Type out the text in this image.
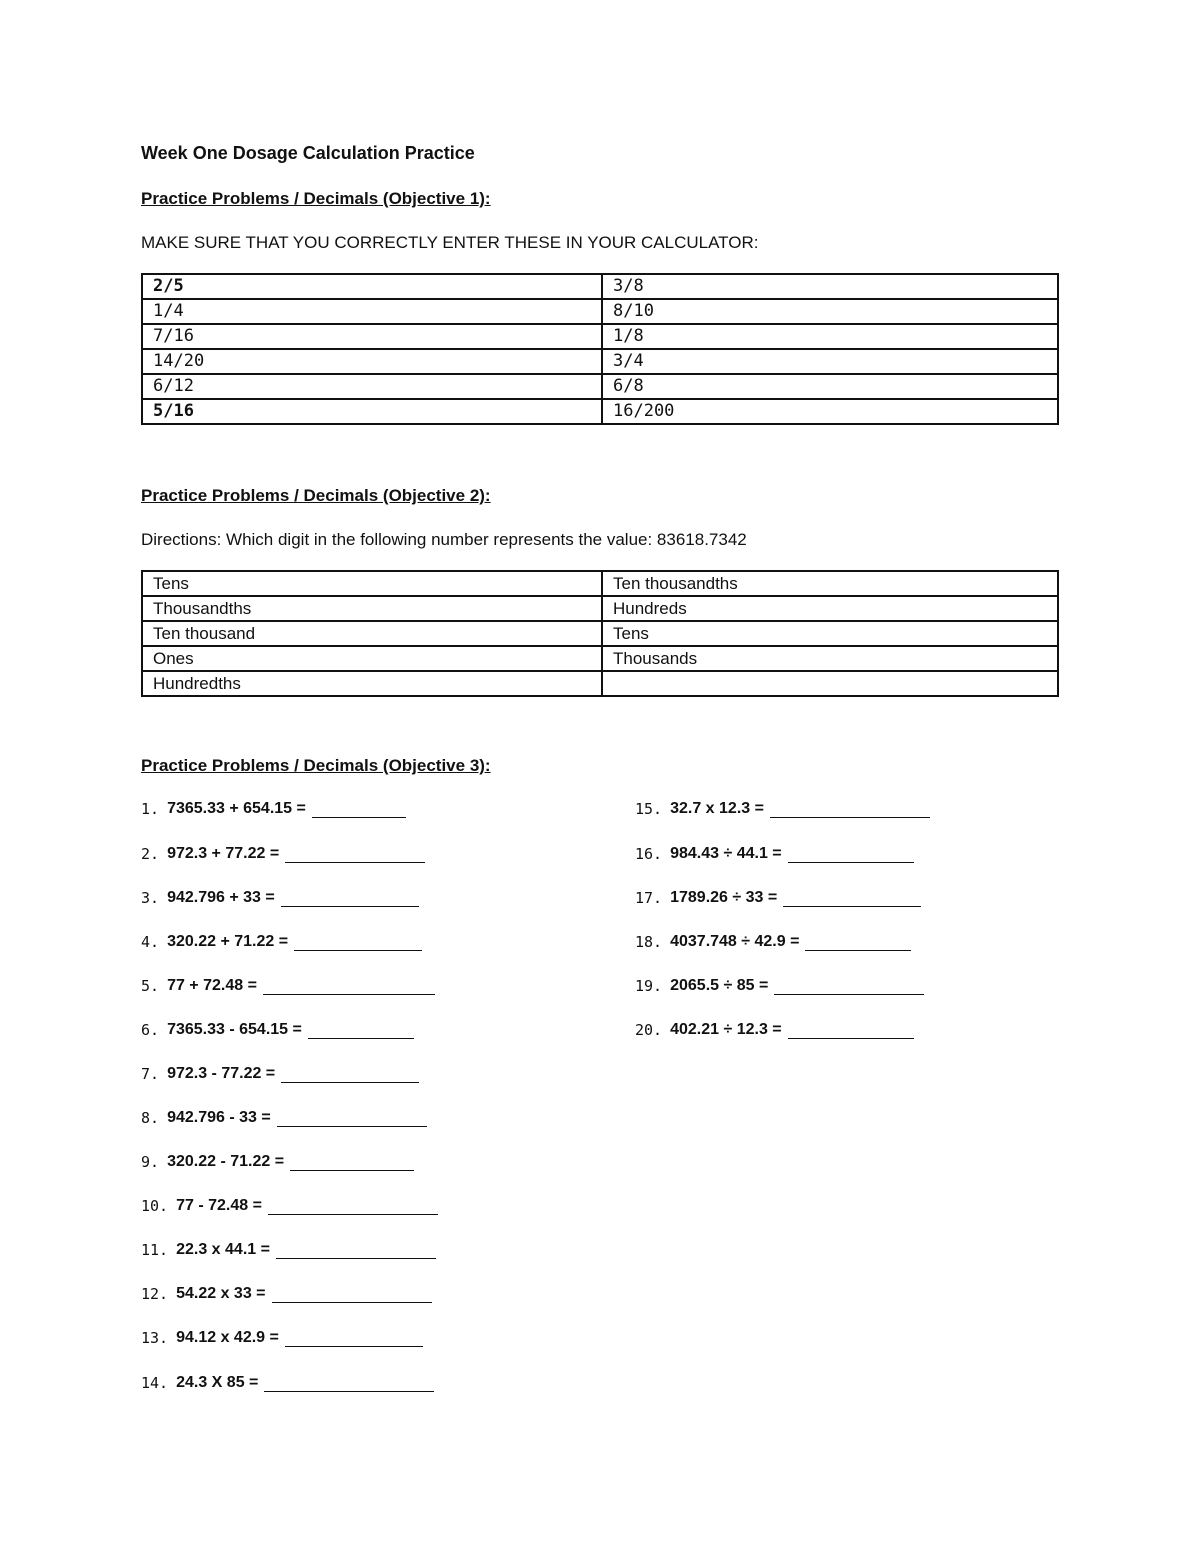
Week One Dosage Calculation Practice
Practice Problems / Decimals (Objective 1):
MAKE SURE THAT YOU CORRECTLY ENTER THESE IN YOUR CALCULATOR:
2/5	3/8
1/4	8/10
7/16	1/8
14/20	3/4
6/12	6/8
5/16	16/200
Practice Problems / Decimals (Objective 2):
Directions: Which digit in the following number represents the value: 83618.7342
Tens	Ten thousandths
Thousandths	Hundreds
Ten thousand	Tens
Ones	Thousands
Hundredths	
Practice Problems / Decimals (Objective 3):
1. 7365.33 + 654.15 =
2. 972.3 + 77.22 =
3. 942.796 + 33 =
4. 320.22 + 71.22 =
5. 77 + 72.48 =
6. 7365.33 - 654.15 =
7. 972.3 - 77.22 =
8. 942.796 - 33 =
9. 320.22 - 71.22 =
10. 77 - 72.48 =
11. 22.3 x 44.1 =
12. 54.22 x 33 =
13. 94.12 x 42.9 =
14. 24.3 X 85 =
15. 32.7 x 12.3 =
16. 984.43 ÷ 44.1 =
17. 1789.26 ÷ 33 =
18. 4037.748 ÷ 42.9 =
19. 2065.5 ÷ 85 =
20. 402.21 ÷ 12.3 =
